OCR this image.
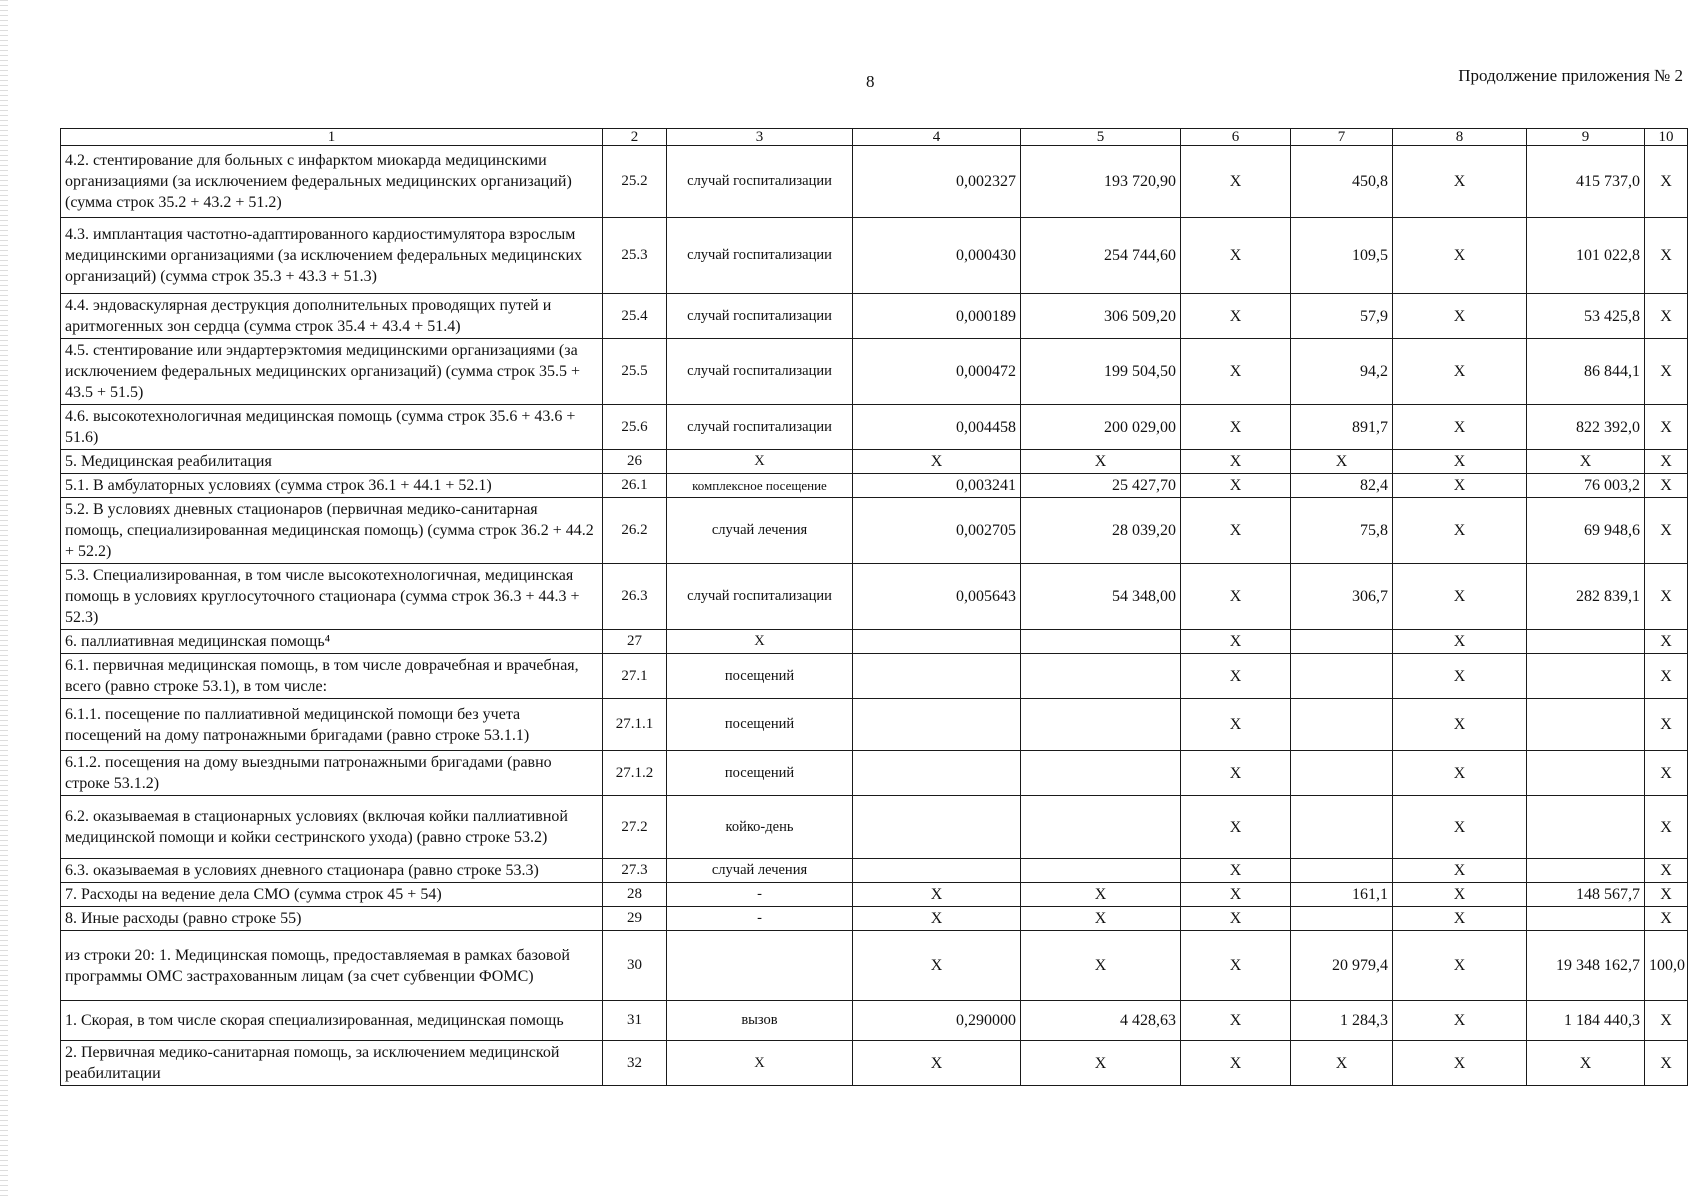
8	Продолжение приложения № 2
1	2	3	4	5	6	7	8	9	10
4.2. стентирование для больных с инфарктом миокарда медицинскими организациями (за исключением федеральных медицинских организаций) (сумма строк 35.2 + 43.2 + 51.2)	25.2	случай госпитализации	0,002327	193 720,90	X	450,8	X	415 737,0	X
4.3. имплантация частотно-адаптированного кардиостимулятора взрослым медицинскими организациями (за исключением федеральных медицинских организаций) (сумма строк 35.3 + 43.3 + 51.3)	25.3	случай госпитализации	0,000430	254 744,60	X	109,5	X	101 022,8	X
4.4. эндоваскулярная деструкция дополнительных проводящих путей и аритмогенных зон сердца (сумма строк 35.4 + 43.4 + 51.4)	25.4	случай госпитализации	0,000189	306 509,20	X	57,9	X	53 425,8	X
4.5. стентирование или эндартерэктомия медицинскими организациями (за исключением федеральных медицинских организаций) (сумма строк 35.5 + 43.5 + 51.5)	25.5	случай госпитализации	0,000472	199 504,50	X	94,2	X	86 844,1	X
4.6. высокотехнологичная медицинская помощь (сумма строк 35.6 + 43.6 + 51.6)	25.6	случай госпитализации	0,004458	200 029,00	X	891,7	X	822 392,0	X
5. Медицинская реабилитация	26	X	X	X	X	X	X	X	X
5.1. В амбулаторных условиях (сумма строк 36.1 + 44.1 + 52.1)	26.1	комплексное посещение	0,003241	25 427,70	X	82,4	X	76 003,2	X
5.2. В условиях дневных стационаров (первичная медико-санитарная помощь, специализированная медицинская помощь) (сумма строк 36.2 + 44.2 + 52.2)	26.2	случай лечения	0,002705	28 039,20	X	75,8	X	69 948,6	X
5.3. Специализированная, в том числе высокотехнологичная, медицинская помощь в условиях круглосуточного стационара (сумма строк 36.3 + 44.3 + 52.3)	26.3	случай госпитализации	0,005643	54 348,00	X	306,7	X	282 839,1	X
6. паллиативная медицинская помощь⁴	27	X			X		X		X
6.1. первичная медицинская помощь, в том числе доврачебная и врачебная, всего (равно строке 53.1), в том числе:	27.1	посещений			X		X		X
6.1.1. посещение по паллиативной медицинской помощи без учета посещений на дому патронажными бригадами (равно строке 53.1.1)	27.1.1	посещений			X		X		X
6.1.2. посещения на дому выездными патронажными бригадами (равно строке 53.1.2)	27.1.2	посещений			X		X		X
6.2. оказываемая в стационарных условиях (включая койки паллиативной медицинской помощи и койки сестринского ухода) (равно строке 53.2)	27.2	койко-день			X		X		X
6.3. оказываемая в условиях дневного стационара (равно строке 53.3)	27.3	случай лечения			X		X		X
7. Расходы на ведение дела СМО (сумма строк 45 + 54)	28	-	X	X	X	161,1	X	148 567,7	X
8. Иные расходы (равно строке 55)	29	-	X	X	X		X		X
из строки 20: 1. Медицинская помощь, предоставляемая в рамках базовой программы ОМС застрахованным лицам (за счет субвенции ФОМС)	30		X	X	X	20 979,4	X	19 348 162,7	100,0
1. Скорая, в том числе скорая специализированная, медицинская помощь	31	вызов	0,290000	4 428,63	X	1 284,3	X	1 184 440,3	X
2. Первичная медико-санитарная помощь, за исключением медицинской реабилитации	32	X	X	X	X	X	X	X	X
